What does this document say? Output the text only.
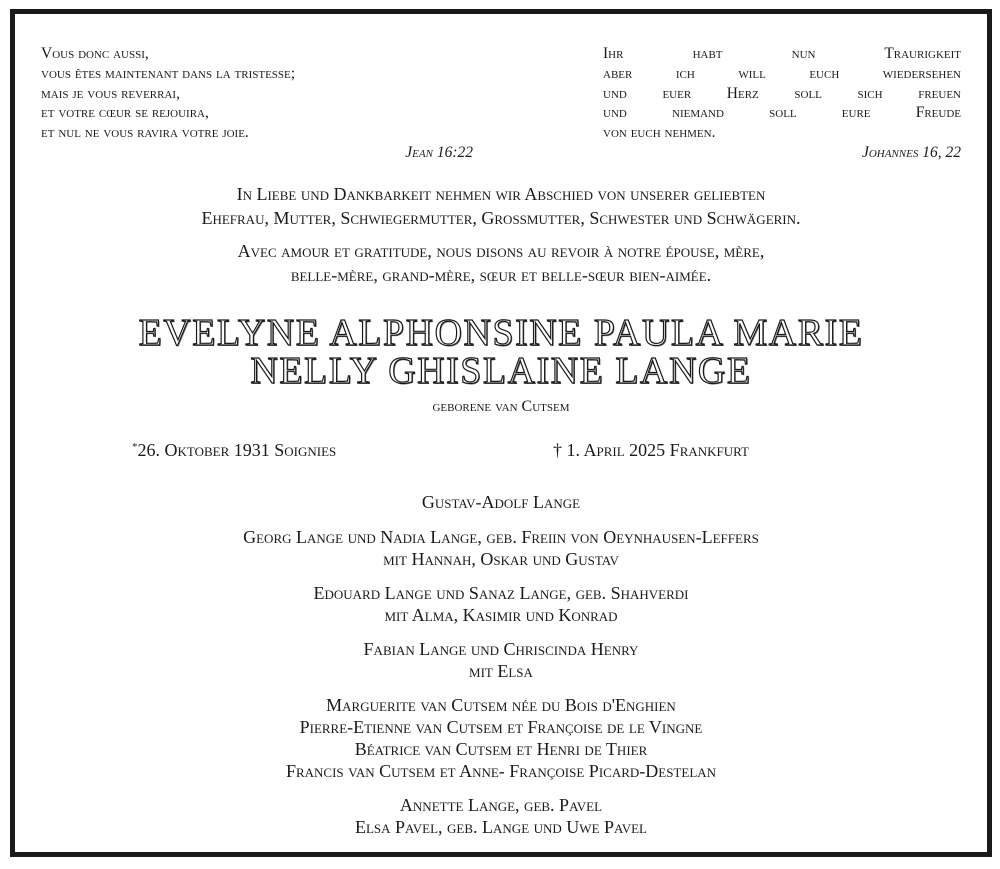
Vous donc aussi,
vous êtes maintenant dans la tristesse;
mais je vous reverrai,
et votre cœur se rejouira,
et nul ne vous ravira votre joie.
Jean 16:22
Ihr habt nun Traurigkeit
aber ich will euch wiedersehen
und euer Herz soll sich freuen
und niemand soll eure Freude
von euch nehmen.
Johannes 16, 22
In Liebe und Dankbarkeit nehmen wir Abschied von unserer geliebten
Ehefrau, Mutter, Schwiegermutter, Grossmutter, Schwester und Schwägerin.
Avec amour et gratitude, nous disons au revoir à notre épouse, mère,
belle-mère, grand-mère, sœur et belle-sœur bien-aimée.
EVELYNE ALPHONSINE PAULA MARIE
NELLY GHISLAINE LANGE
geborene van Cutsem
*26. Oktober 1931 Soignies	† 1. April 2025 Frankfurt
Gustav-Adolf Lange
Georg Lange und Nadia Lange, geb. Freiin von Oeynhausen-Leffers
mit Hannah, Oskar und Gustav
Edouard Lange und Sanaz Lange, geb. Shahverdi
mit Alma, Kasimir und Konrad
Fabian Lange und Chriscinda Henry
mit Elsa
Marguerite van Cutsem née du Bois d'Enghien
Pierre-Etienne van Cutsem et Françoise de le Vingne
Béatrice van Cutsem et Henri de Thier
Francis van Cutsem et Anne- Françoise Picard-Destelan
Annette Lange, geb. Pavel
Elsa Pavel, geb. Lange und Uwe Pavel
